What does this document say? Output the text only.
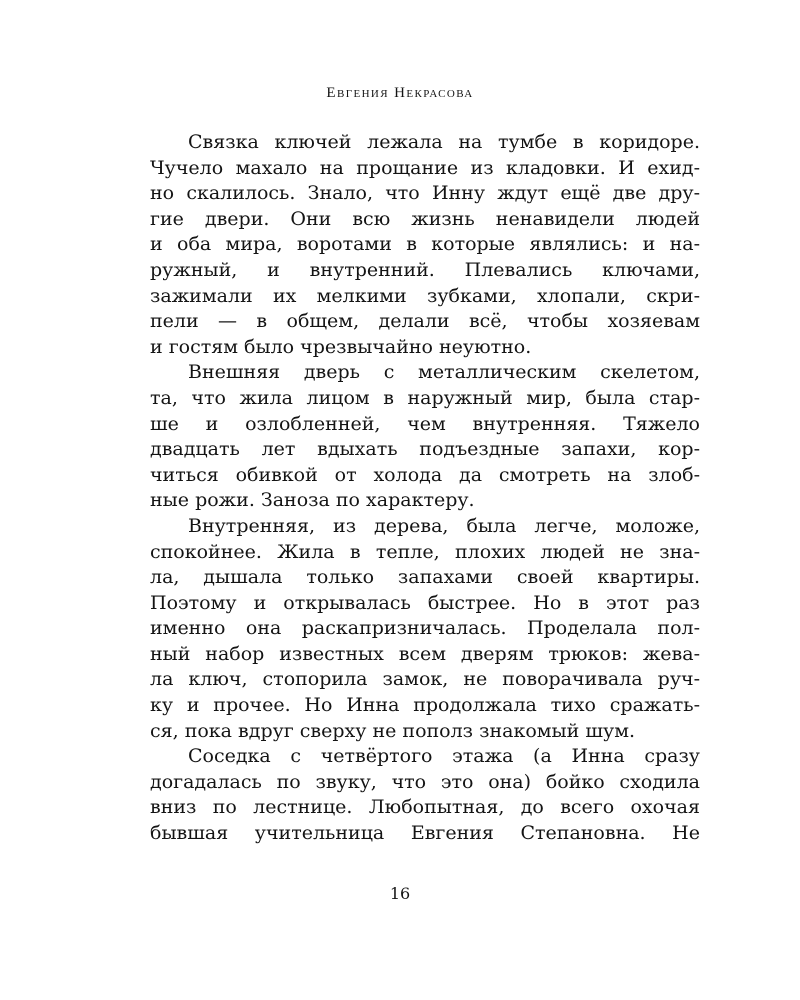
Евгения Некрасова
Связка ключей лежала на тумбе в коридоре.
Чучело махало на прощание из кладовки. И ехид-
но скалилось. Знало, что Инну ждут ещё две дру-
гие двери. Они всю жизнь ненавидели людей
и оба мира, воротами в которые являлись: и на-
ружный, и внутренний. Плевались ключами,
зажимали их мелкими зубками, хлопали, скри-
пели — в общем, делали всё, чтобы хозяевам
и гостям было чрезвычайно неуютно.
Внешняя дверь с металлическим скелетом,
та, что жила лицом в наружный мир, была стар-
ше и озлобленней, чем внутренняя. Тяжело
двадцать лет вдыхать подъездные запахи, кор-
читься обивкой от холода да смотреть на злоб-
ные рожи. Заноза по характеру.
Внутренняя, из дерева, была легче, моложе,
спокойнее. Жила в тепле, плохих людей не зна-
ла, дышала только запахами своей квартиры.
Поэтому и открывалась быстрее. Но в этот раз
именно она раскапризничалась. Проделала пол-
ный набор известных всем дверям трюков: жева-
ла ключ, стопорила замок, не поворачивала руч-
ку и прочее. Но Инна продолжала тихо сражать-
ся, пока вдруг сверху не пополз знакомый шум.
Соседка с четвёртого этажа (а Инна сразу
догадалась по звуку, что это она) бойко сходила
вниз по лестнице. Любопытная, до всего охочая
бывшая учительница Евгения Степановна. Не
16
